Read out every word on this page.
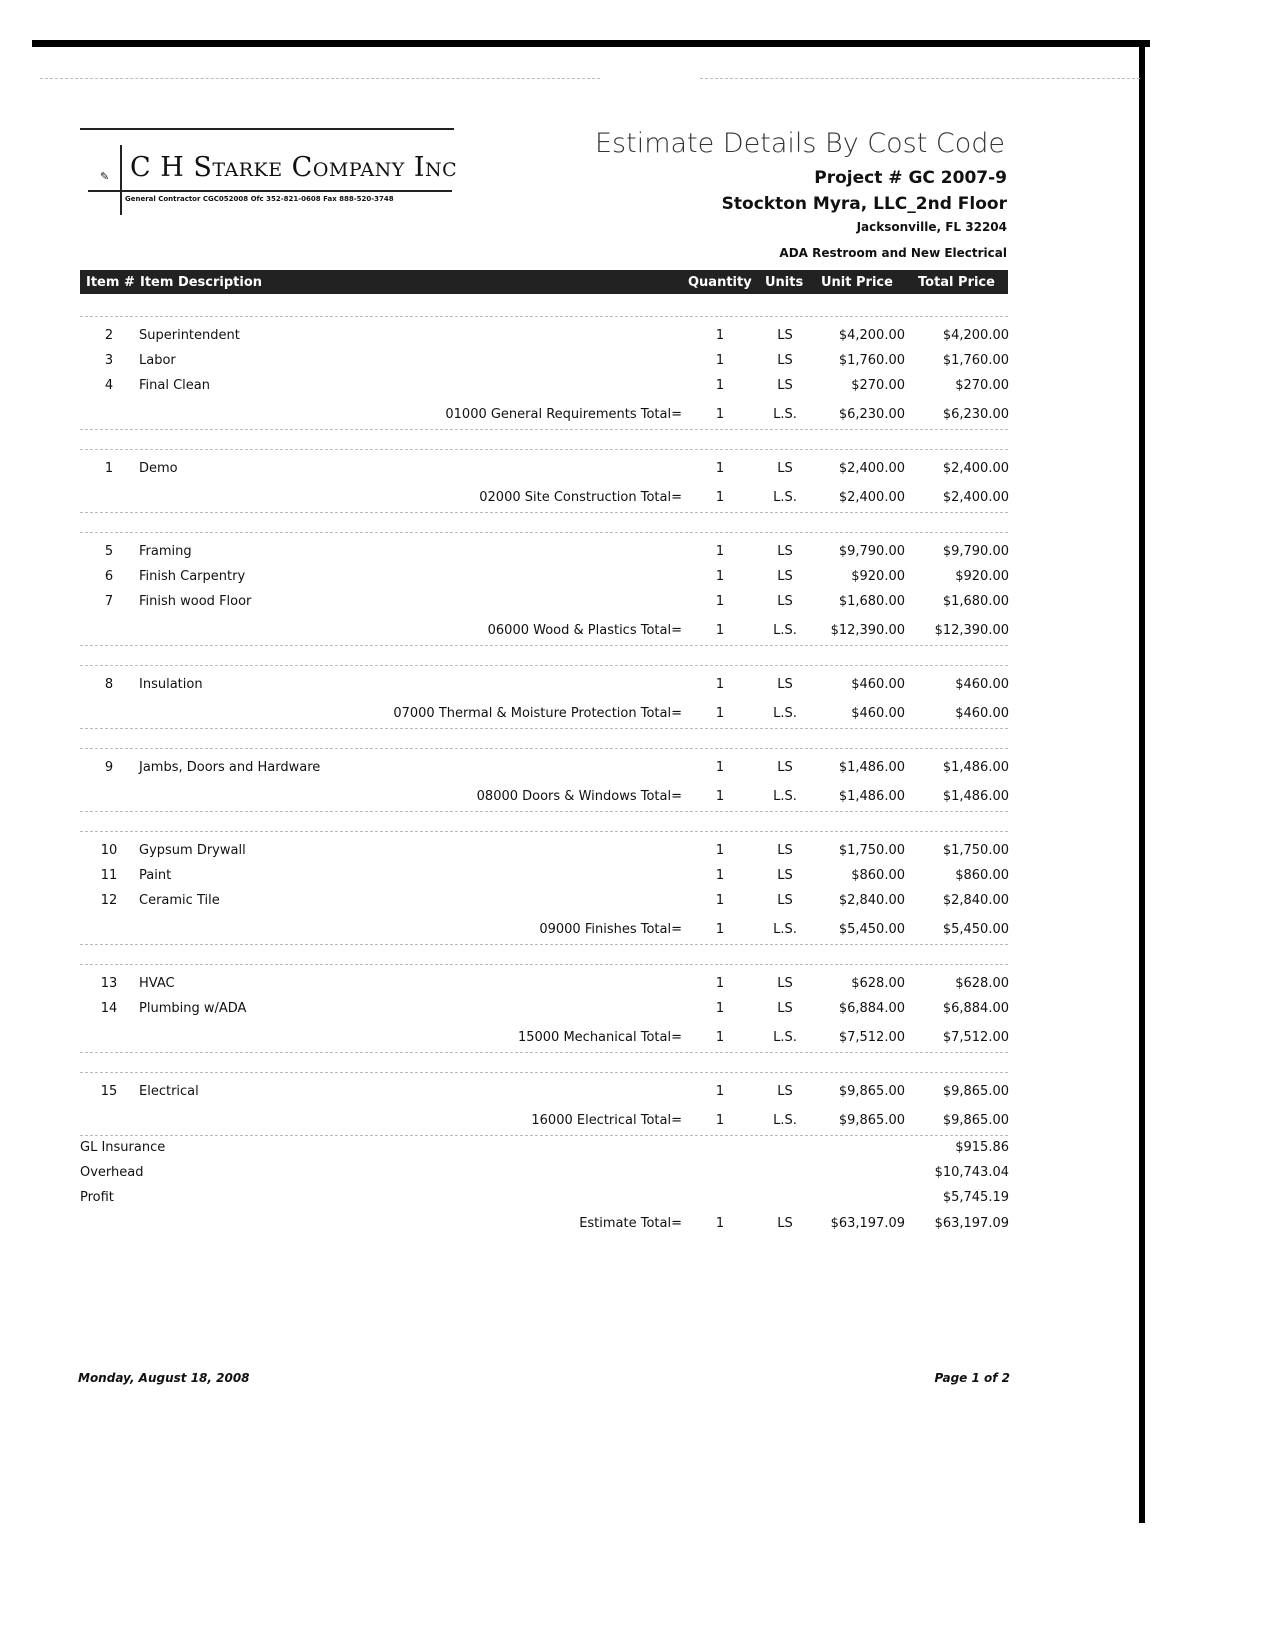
✎ C H Starke Company Inc
General Contractor CGC052008 Ofc 352-821-0608 Fax 888-520-3748
Estimate Details By Cost Code
Project # GC 2007-9
Stockton Myra, LLC_2nd Floor
Jacksonville, FL 32204
ADA Restroom and New Electrical
Item # Item Description	Quantity Units Unit Price Total Price
2	Superintendent	1	LS	$4,200.00	$4,200.00
3	Labor	1	LS	$1,760.00	$1,760.00
4	Final Clean	1	LS	$270.00	$270.00
01000 General Requirements Total=	1	L.S.	$6,230.00	$6,230.00
1	Demo	1	LS	$2,400.00	$2,400.00
02000 Site Construction Total=	1	L.S.	$2,400.00	$2,400.00
5	Framing	1	LS	$9,790.00	$9,790.00
6	Finish Carpentry	1	LS	$920.00	$920.00
7	Finish wood Floor	1	LS	$1,680.00	$1,680.00
06000 Wood & Plastics Total=	1	L.S.	$12,390.00 $12,390.00
8	Insulation	1	LS	$460.00	$460.00
07000 Thermal & Moisture Protection Total=	1	L.S.	$460.00	$460.00
9	Jambs, Doors and Hardware	1	LS	$1,486.00	$1,486.00
08000 Doors & Windows Total=	1	L.S.	$1,486.00	$1,486.00
10	Gypsum Drywall	1	LS	$1,750.00	$1,750.00
11	Paint	1	LS	$860.00	$860.00
12	Ceramic Tile	1	LS	$2,840.00	$2,840.00
09000 Finishes Total=	1	L.S.	$5,450.00	$5,450.00
13	HVAC	1	LS	$628.00	$628.00
14	Plumbing w/ADA	1	LS	$6,884.00	$6,884.00
15000 Mechanical Total=	1	L.S.	$7,512.00	$7,512.00
15	Electrical	1	LS	$9,865.00	$9,865.00
16000 Electrical Total=	1	L.S.	$9,865.00	$9,865.00
GL Insurance	$915.86
Overhead	$10,743.04
Profit	$5,745.19
Estimate Total=	1	LS	$63,197.09 $63,197.09
Monday, August 18, 2008	Page 1 of 2
